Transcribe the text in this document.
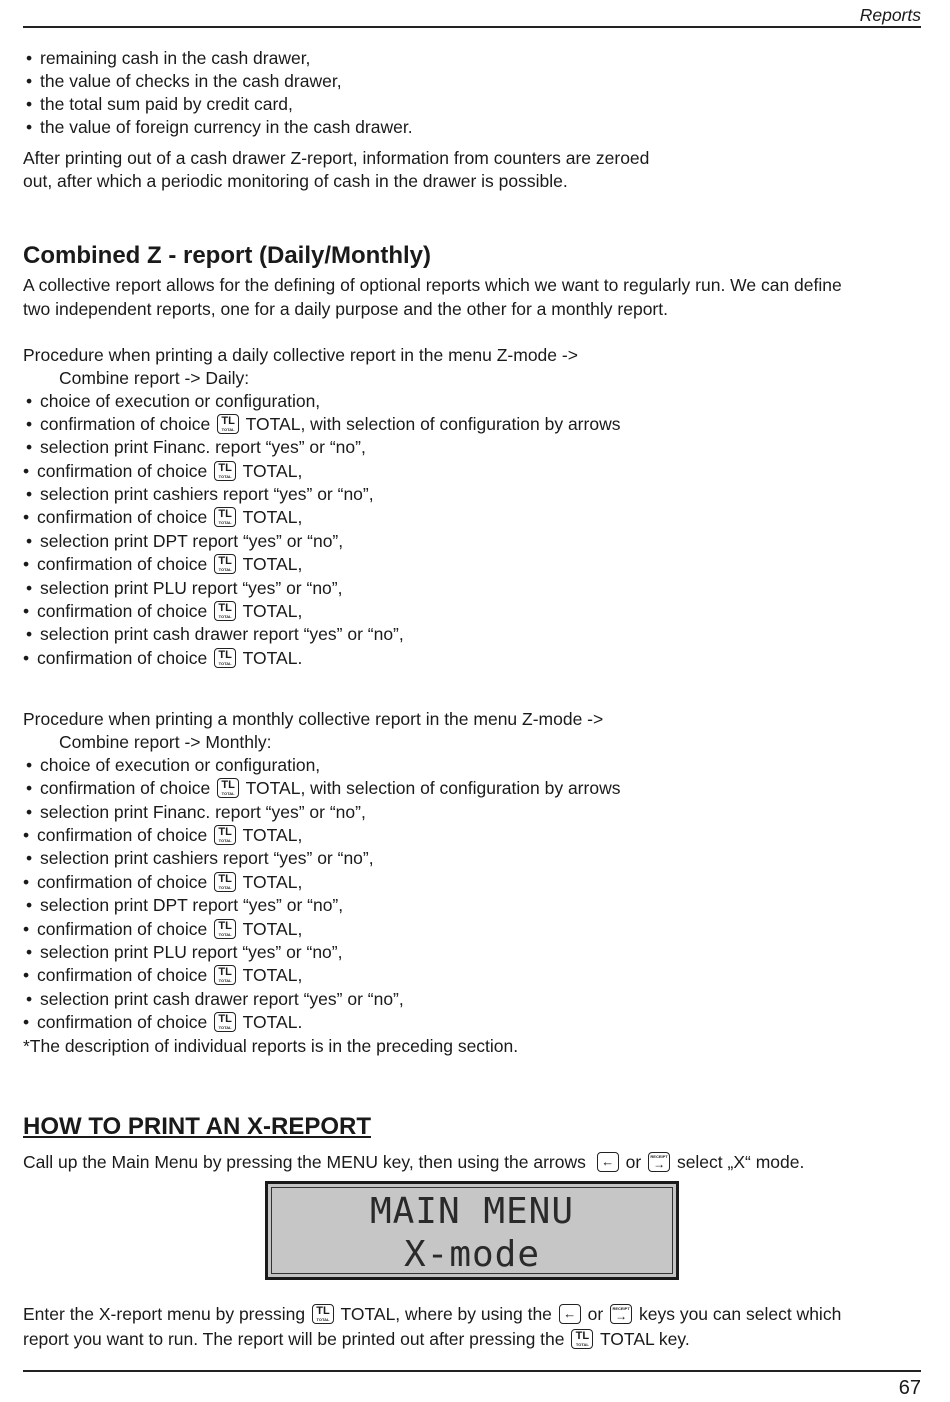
Reports
• remaining cash in the cash drawer,
• the value of checks in the cash drawer,
• the total sum paid by credit card,
• the value of foreign currency in the cash drawer.
After printing out of a cash drawer Z-report, information from counters are zeroed
out, after which a periodic monitoring of cash in the drawer is possible.
Combined Z - report (Daily/Monthly)
A collective report allows for the defining of optional reports which we want to regularly run. We can define
two independent reports, one for a daily purpose and the other for a monthly report.
Procedure when printing a daily collective report in the menu Z-mode ->
Combine report -> Daily:
• choice of execution or configuration,
• confirmation of choice TL
TOTAL TOTAL, with selection of configuration by arrows
• selection print Financ. report “yes” or “no”,
• confirmation of choice TL
TOTAL TOTAL,
• selection print cashiers report “yes” or “no”,
• confirmation of choice TL
TOTAL TOTAL,
• selection print DPT report “yes” or “no”,
• confirmation of choice TL
TOTAL TOTAL,
• selection print PLU report “yes” or “no”,
• confirmation of choice TL
TOTAL TOTAL,
• selection print cash drawer report “yes” or “no”,
• confirmation of choice TL
TOTAL TOTAL.
Procedure when printing a monthly collective report in the menu Z-mode ->
Combine report -> Monthly:
• choice of execution or configuration,
• confirmation of choice TL
TOTAL TOTAL, with selection of configuration by arrows
• selection print Financ. report “yes” or “no”,
• confirmation of choice TL
TOTAL TOTAL,
• selection print cashiers report “yes” or “no”,
• confirmation of choice TL
TOTAL TOTAL,
• selection print DPT report “yes” or “no”,
• confirmation of choice TL
TOTAL TOTAL,
• selection print PLU report “yes” or “no”,
• confirmation of choice TL
TOTAL TOTAL,
• selection print cash drawer report “yes” or “no”,
• confirmation of choice TL
TOTAL TOTAL.
*The description of individual reports is in the preceding section.
HOW TO PRINT AN X-REPORT
Call up the Main Menu by pressing the MENU key, then using the arrows ← or	RECEIPT
→ select „X“ mode.
MAIN MENU
X-mode
Enter the X-report menu by pressing TL
TOTAL TOTAL, where by using the ← or	RECEIPT
→ keys you can select which
report you want to run. The report will be printed out after pressing the TL
TOTAL TOTAL key.
67
